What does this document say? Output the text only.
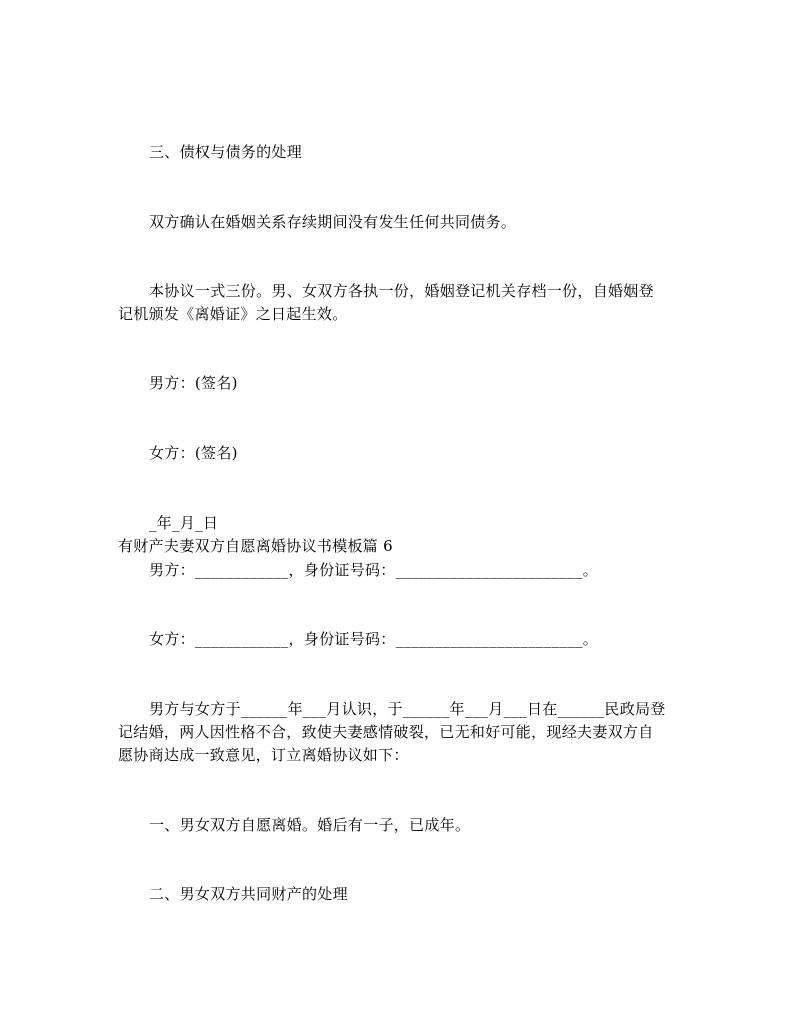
三、债权与债务的处理
双方确认在婚姻关系存续期间没有发生任何共同债务。
本协议一式三份。男、女双方各执一份，婚姻登记机关存档一份，自婚姻登
记机颁发《离婚证》之日起生效。
男方：(签名)
女方：(签名)
_年_月_日
有财产夫妻双方自愿离婚协议书模板篇 6
男方：____________，身份证号码：________________________。
女方：____________，身份证号码：________________________。
男方与女方于______年___月认识，于______年___月___日在______民政局登
记结婚，两人因性格不合，致使夫妻感情破裂，已无和好可能，现经夫妻双方自
愿协商达成一致意见，订立离婚协议如下：
一、男女双方自愿离婚。婚后有一子，已成年。
二、男女双方共同财产的处理
